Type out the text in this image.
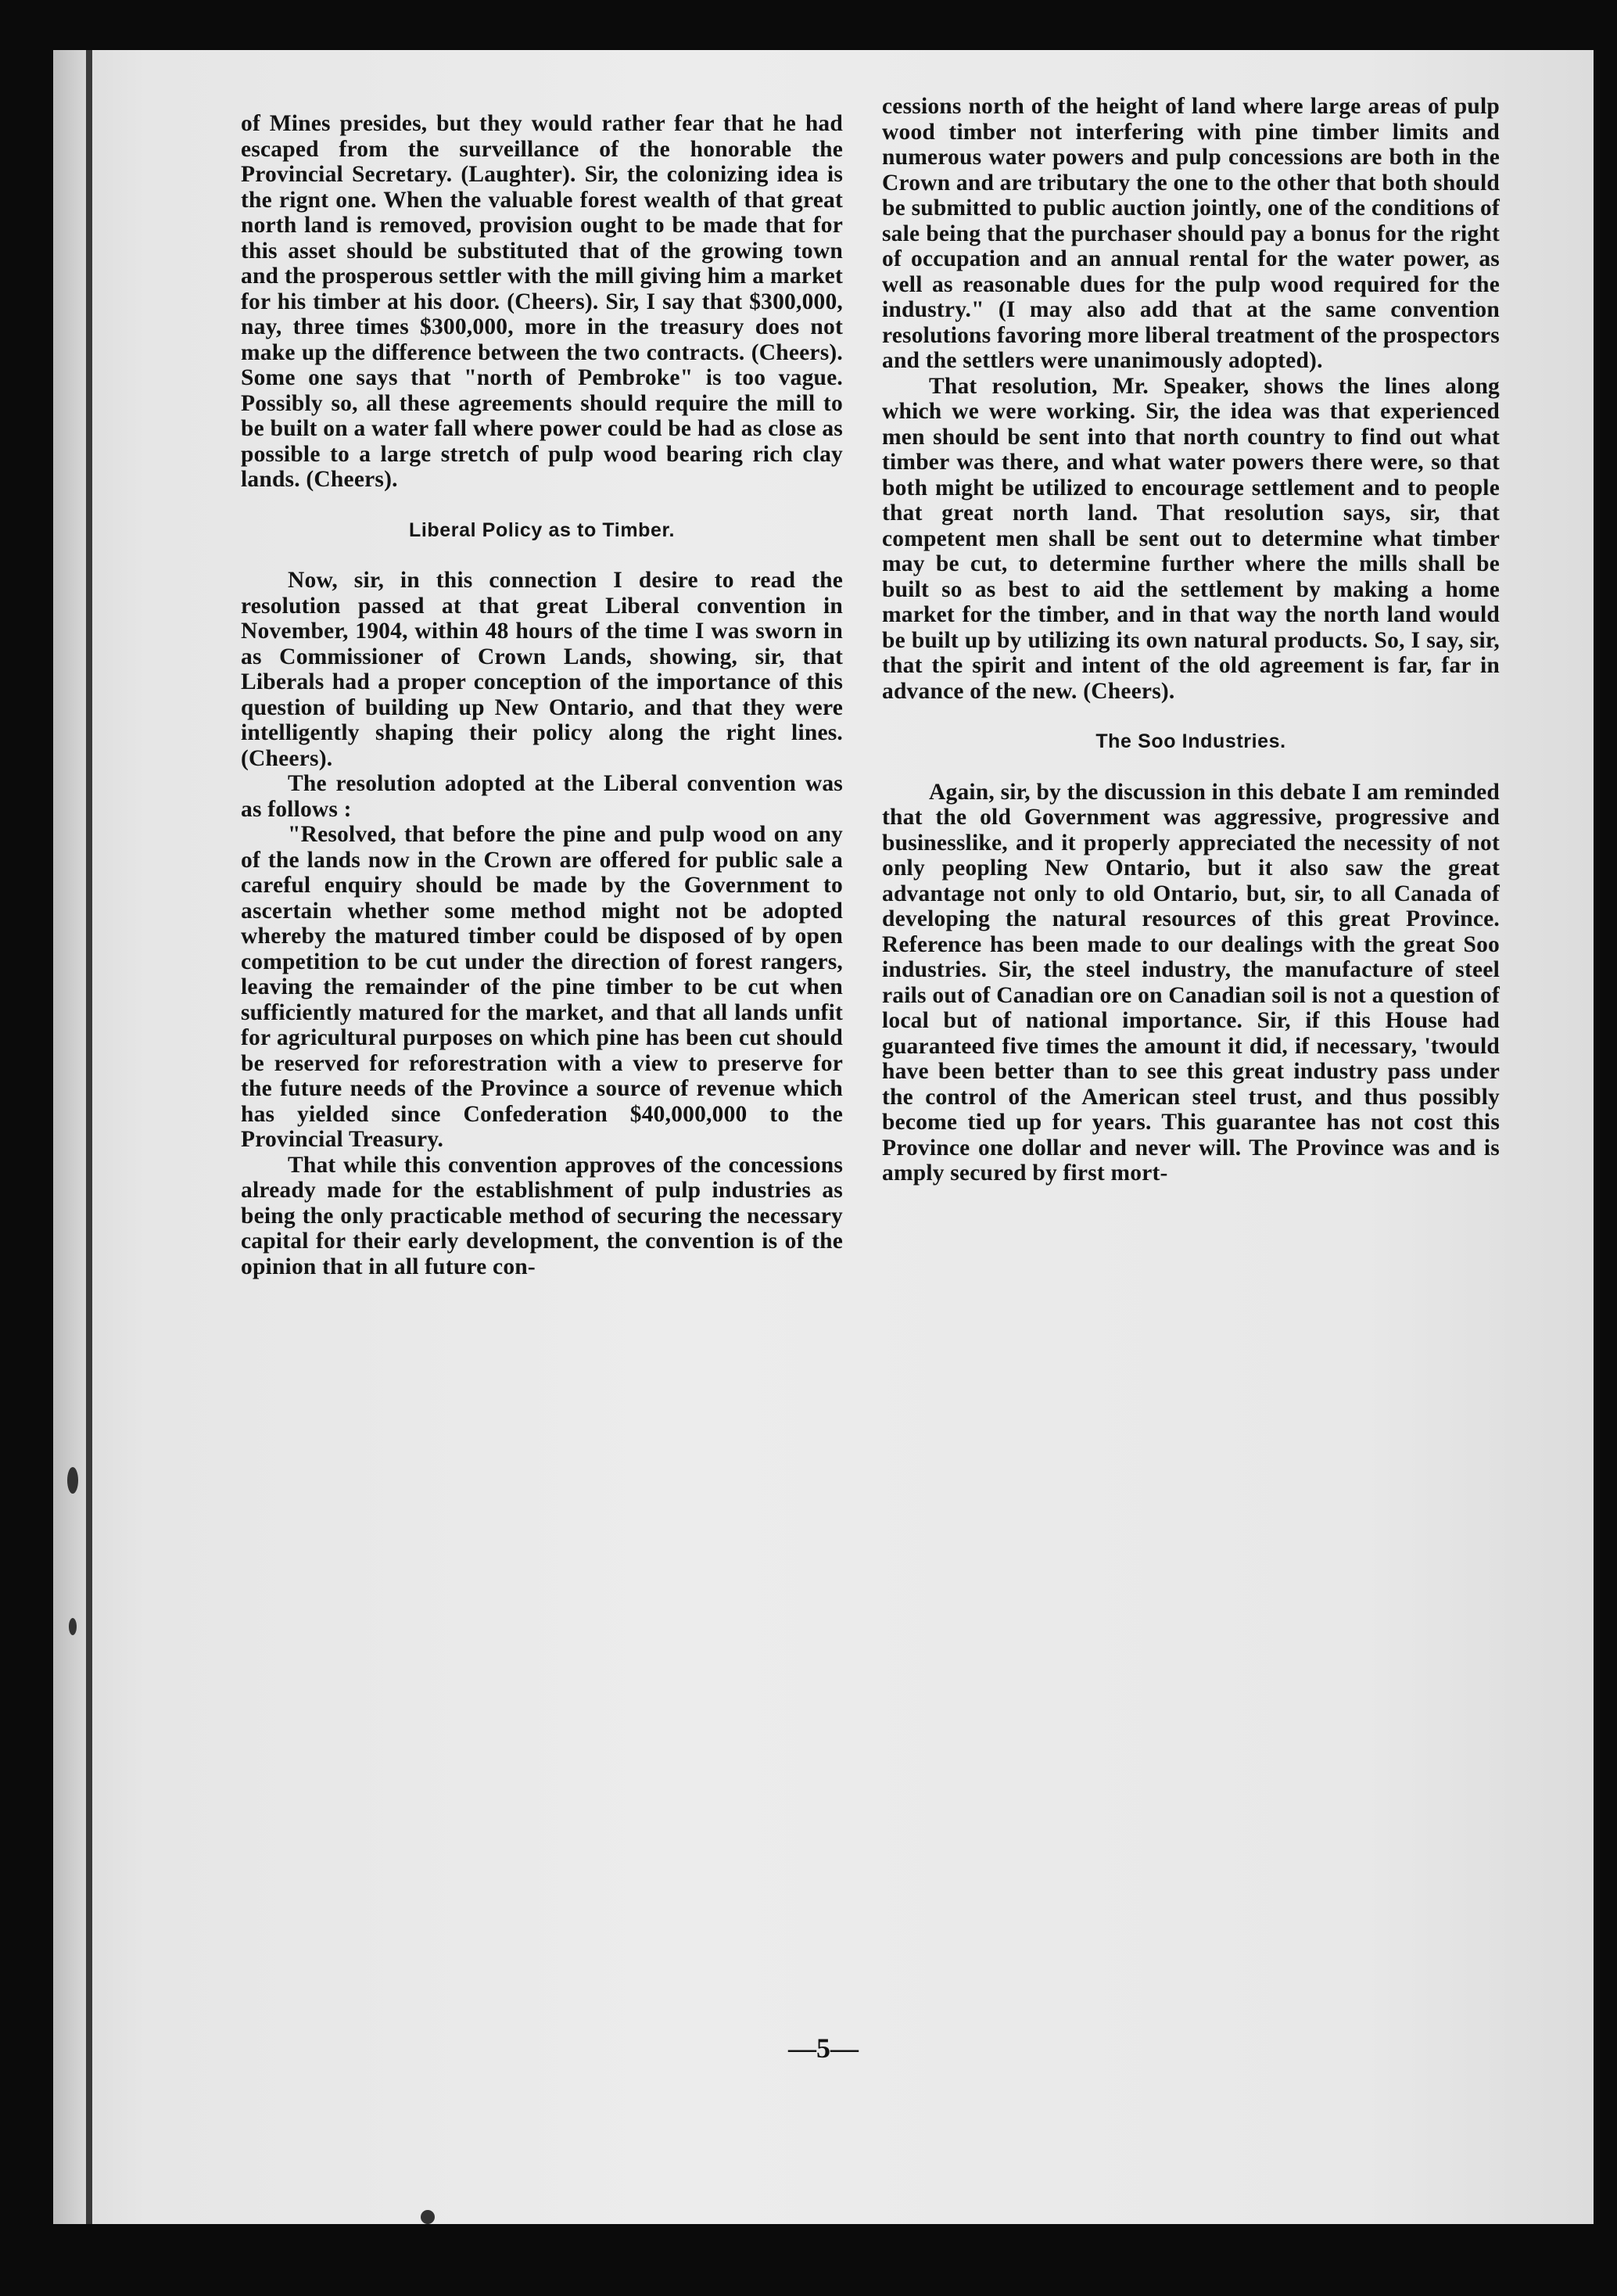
of Mines presides, but they would rather fear that he had escaped from the surveillance of the honorable the Provincial Secretary. (Laughter). Sir, the colonizing idea is the rignt one. When the valuable forest wealth of that great north land is removed, provision ought to be made that for this asset should be substituted that of the growing town and the prosperous settler with the mill giving him a market for his timber at his door. (Cheers). Sir, I say that $300,000, nay, three times $300,000, more in the treasury does not make up the difference between the two contracts. (Cheers). Some one says that "north of Pembroke" is too vague. Possibly so, all these agreements should require the mill to be built on a water fall where power could be had as close as possible to a large stretch of pulp wood bearing rich clay lands. (Cheers).

Liberal Policy as to Timber.

Now, sir, in this connection I desire to read the resolution passed at that great Liberal convention in November, 1904, within 48 hours of the time I was sworn in as Commissioner of Crown Lands, showing, sir, that Liberals had a proper conception of the importance of this question of building up New Ontario, and that they were intelligently shaping their policy along the right lines. (Cheers).

The resolution adopted at the Liberal convention was as follows :

"Resolved, that before the pine and pulp wood on any of the lands now in the Crown are offered for public sale a careful enquiry should be made by the Government to ascertain whether some method might not be adopted whereby the matured timber could be disposed of by open competition to be cut under the direction of forest rangers, leaving the remainder of the pine timber to be cut when sufficiently matured for the market, and that all lands unfit for agricultural purposes on which pine has been cut should be reserved for reforestration with a view to preserve for the future needs of the Province a source of revenue which has yielded since Confederation $40,000,000 to the Provincial Treasury.

That while this convention approves of the concessions already made for the establishment of pulp industries as being the only practicable method of securing the necessary capital for their early development, the convention is of the opinion that in all future con-

cessions north of the height of land where large areas of pulp wood timber not interfering with pine timber limits and numerous water powers and pulp concessions are both in the Crown and are tributary the one to the other that both should be submitted to public auction jointly, one of the conditions of sale being that the purchaser should pay a bonus for the right of occupation and an annual rental for the water power, as well as reasonable dues for the pulp wood required for the industry." (I may also add that at the same convention resolutions favoring more liberal treatment of the prospectors and the settlers were unanimously adopted).

That resolution, Mr. Speaker, shows the lines along which we were working. Sir, the idea was that experienced men should be sent into that north country to find out what timber was there, and what water powers there were, so that both might be utilized to encourage settlement and to people that great north land. That resolution says, sir, that competent men shall be sent out to determine what timber may be cut, to determine further where the mills shall be built so as best to aid the settlement by making a home market for the timber, and in that way the north land would be built up by utilizing its own natural products. So, I say, sir, that the spirit and intent of the old agreement is far, far in advance of the new. (Cheers).

The Soo Industries.

Again, sir, by the discussion in this debate I am reminded that the old Government was aggressive, progressive and businesslike, and it properly appreciated the necessity of not only peopling New Ontario, but it also saw the great advantage not only to old Ontario, but, sir, to all Canada of developing the natural resources of this great Province. Reference has been made to our dealings with the great Soo industries. Sir, the steel industry, the manufacture of steel rails out of Canadian ore on Canadian soil is not a question of local but of national importance. Sir, if this House had guaranteed five times the amount it did, if necessary, 'twould have been better than to see this great industry pass under the control of the American steel trust, and thus possibly become tied up for years. This guarantee has not cost this Province one dollar and never will. The Province was and is amply secured by first mort-

—5—
